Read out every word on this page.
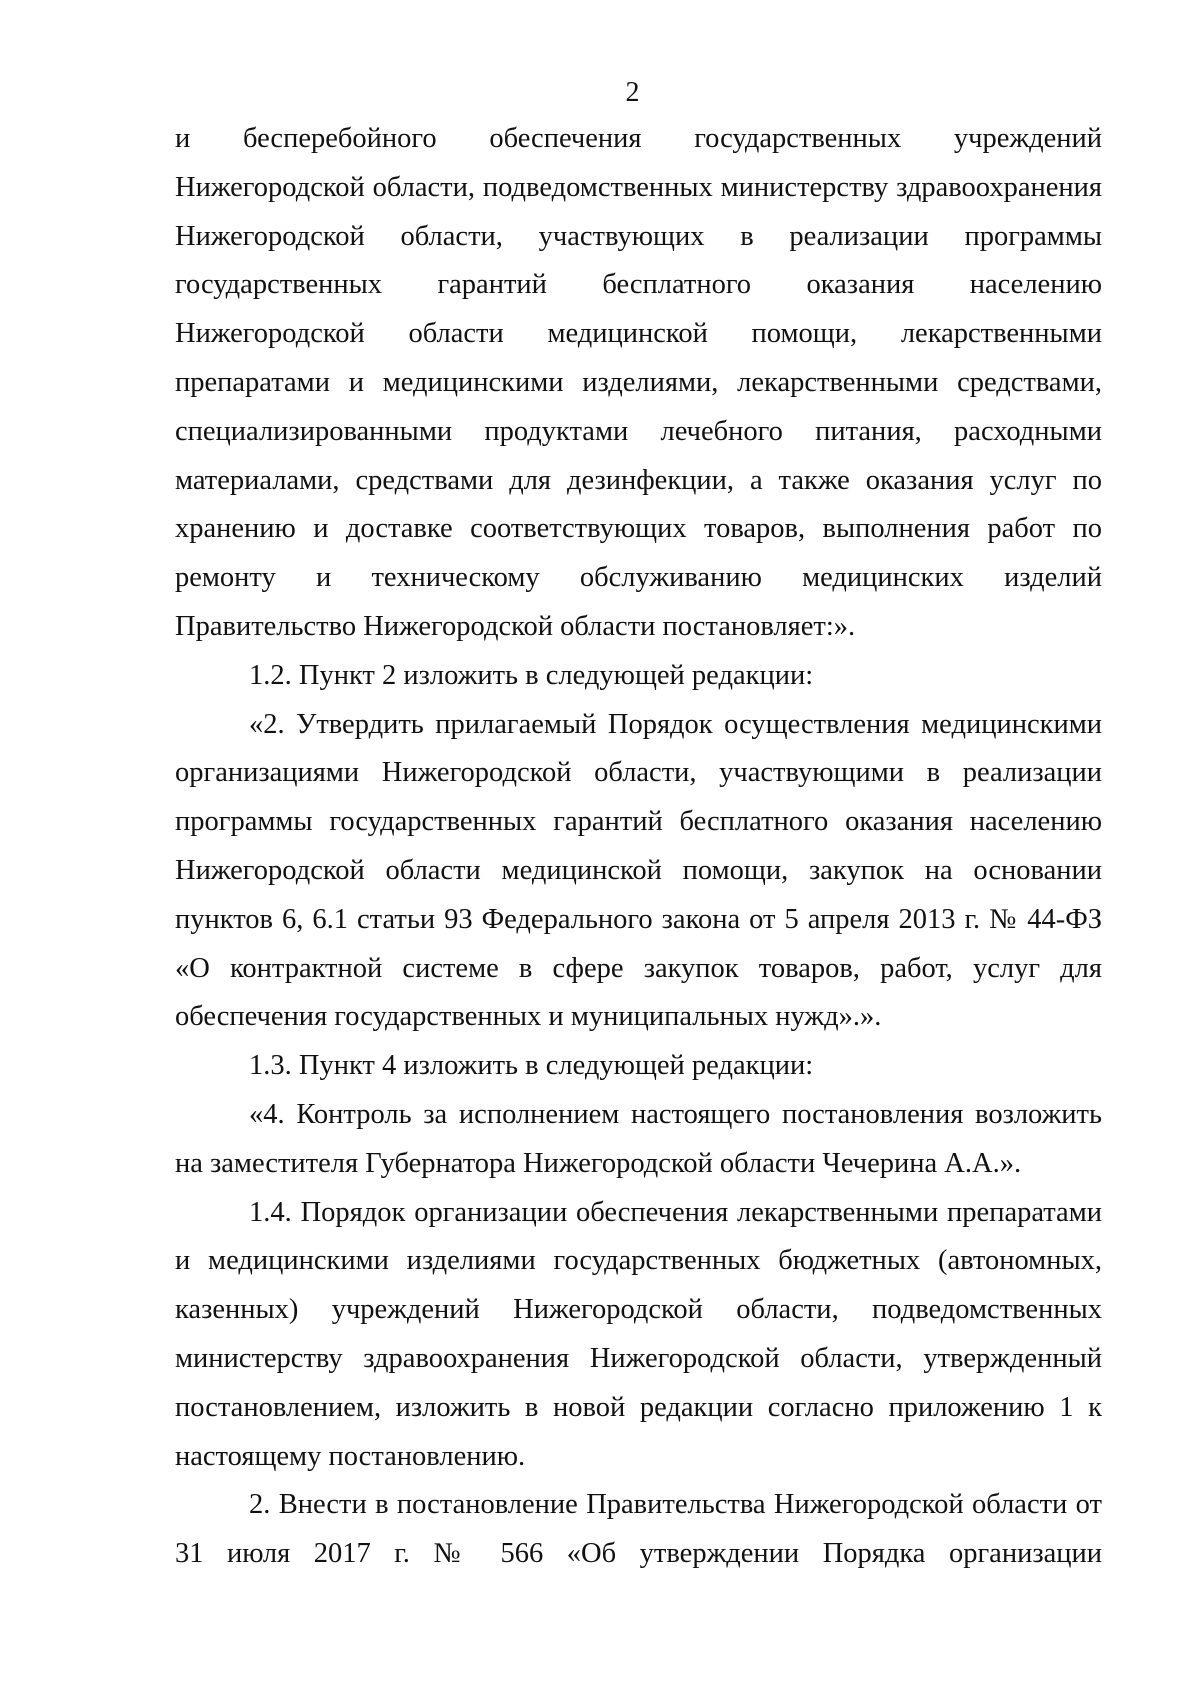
2

и бесперебойного обеспечения государственных учреждений Нижегородской области, подведомственных министерству здравоохранения Нижегородской области, участвующих в реализации программы государственных гарантий бесплатного оказания населению Нижегородской области медицинской помощи, лекарственными препаратами и медицинскими изделиями, лекарственными средствами, специализированными продуктами лечебного питания, расходными материалами, средствами для дезинфекции, а также оказания услуг по хранению и доставке соответствующих товаров, выполнения работ по ремонту и техническому обслуживанию медицинских изделий Правительство Нижегородской области постановляет:».

1.2. Пункт 2 изложить в следующей редакции:

«2. Утвердить прилагаемый Порядок осуществления медицинскими организациями Нижегородской области, участвующими в реализации программы государственных гарантий бесплатного оказания населению Нижегородской области медицинской помощи, закупок на основании пунктов 6, 6.1 статьи 93 Федерального закона от 5 апреля 2013 г. № 44-ФЗ «О контрактной системе в сфере закупок товаров, работ, услуг для обеспечения государственных и муниципальных нужд».».

1.3. Пункт 4 изложить в следующей редакции:

«4. Контроль за исполнением настоящего постановления возложить на заместителя Губернатора Нижегородской области Чечерина А.А.».

1.4. Порядок организации обеспечения лекарственными препаратами и медицинскими изделиями государственных бюджетных (автономных, казенных) учреждений Нижегородской области, подведомственных министерству здравоохранения Нижегородской области, утвержденный постановлением, изложить в новой редакции согласно приложению 1 к настоящему постановлению.

2. Внести в постановление Правительства Нижегородской области от 31 июля 2017 г. № 566 «Об утверждении Порядка организации
